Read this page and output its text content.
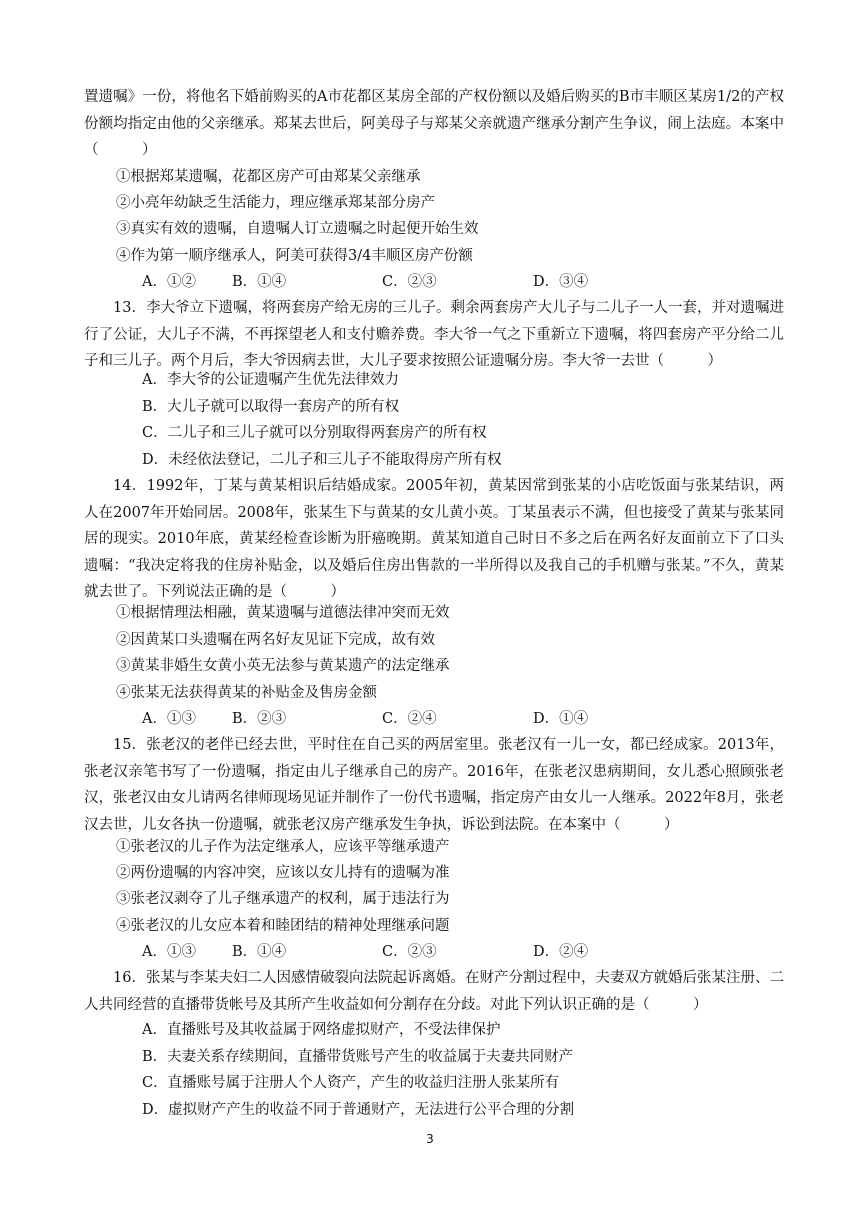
置遗嘱》一份，将他名下婚前购买的A市花都区某房全部的产权份额以及婚后购买的B市丰顺区某房1/2的产权份额均指定由他的父亲继承。郑某去世后，阿美母子与郑某父亲就遗产继承分割产生争议，闹上法庭。本案中（　　　）

①根据郑某遗嘱，花都区房产可由郑某父亲继承
②小亮年幼缺乏生活能力，理应继承郑某部分房产
③真实有效的遗嘱，自遗嘱人订立遗嘱之时起便开始生效
④作为第一顺序继承人，阿美可获得3/4丰顺区房产份额
A．①② B．①④	C．②③	D．③④

13．李大爷立下遗嘱，将两套房产给无房的三儿子。剩余两套房产大儿子与二儿子一人一套，并对遗嘱进行了公证，大儿子不满，不再探望老人和支付赡养费。李大爷一气之下重新立下遗嘱，将四套房产平分给二儿子和三儿子。两个月后，李大爷因病去世，大儿子要求按照公证遗嘱分房。李大爷一去世（　　　）

A．李大爷的公证遗嘱产生优先法律效力
B．大儿子就可以取得一套房产的所有权
C．二儿子和三儿子就可以分别取得两套房产的所有权
D．未经依法登记，二儿子和三儿子不能取得房产所有权

14．1992年，丁某与黄某相识后结婚成家。2005年初，黄某因常到张某的小店吃饭面与张某结识，两人在2007年开始同居。2008年，张某生下与黄某的女儿黄小英。丁某虽表示不满，但也接受了黄某与张某同居的现实。2010年底，黄某经检查诊断为肝癌晚期。黄某知道自己时日不多之后在两名好友面前立下了口头遗嘱：“我决定将我的住房补贴金，以及婚后住房出售款的一半所得以及我自己的手机赠与张某。”不久，黄某就去世了。下列说法正确的是（　　　）

①根据情理法相融，黄某遗嘱与道德法律冲突而无效
②因黄某口头遗嘱在两名好友见证下完成，故有效
③黄某非婚生女黄小英无法参与黄某遗产的法定继承
④张某无法获得黄某的补贴金及售房金额
A．①③ B．②③	C．②④	D．①④

15．张老汉的老伴已经去世，平时住在自己买的两居室里。张老汉有一儿一女，都已经成家。2013年，张老汉亲笔书写了一份遗嘱，指定由儿子继承自己的房产。2016年，在张老汉患病期间，女儿悉心照顾张老汉，张老汉由女儿请两名律师现场见证并制作了一份代书遗嘱，指定房产由女儿一人继承。2022年8月，张老汉去世，儿女各执一份遗嘱，就张老汉房产继承发生争执，诉讼到法院。在本案中（　　　）

①张老汉的儿子作为法定继承人，应该平等继承遗产
②两份遗嘱的内容冲突，应该以女儿持有的遗嘱为准
③张老汉剥夺了儿子继承遗产的权利，属于违法行为
④张老汉的儿女应本着和睦团结的精神处理继承问题
A．①③ B．①④	C．②③	D．②④

16．张某与李某夫妇二人因感情破裂向法院起诉离婚。在财产分割过程中，夫妻双方就婚后张某注册、二人共同经营的直播带货帐号及其所产生收益如何分割存在分歧。对此下列认识正确的是（　　　）

A．直播账号及其收益属于网络虚拟财产，不受法律保护
B．夫妻关系存续期间，直播带货账号产生的收益属于夫妻共同财产
C．直播账号属于注册人个人资产，产生的收益归注册人张某所有
D．虚拟财产产生的收益不同于普通财产，无法进行公平合理的分割
3
